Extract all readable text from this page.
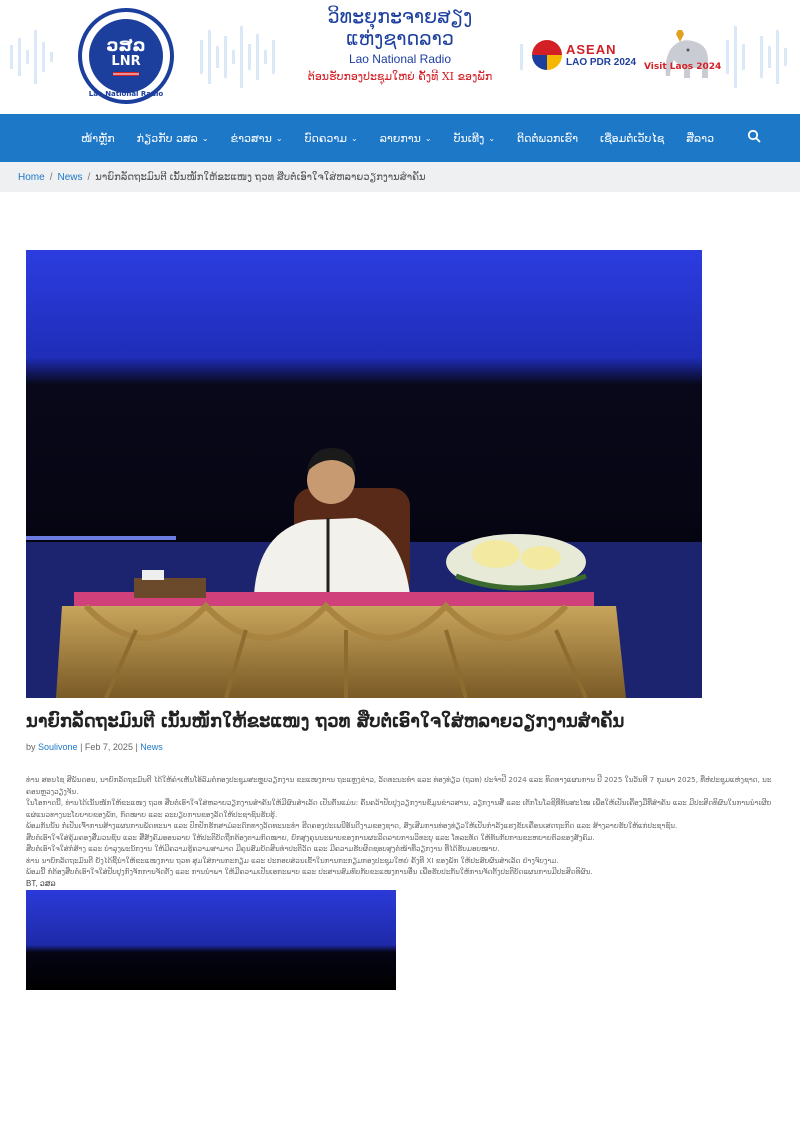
ວສລ
LNR
Lao National Radio
ວິທະຍຸກະຈາຍສຽງ ແຫ່ງຊາດລາວ
Lao National Radio
ຕ້ອນຮັບກອງປະຊຸມໃຫຍ່ ຄັ້ງທີ XI ຂອງພັກ
ASEAN
LAO PDR 2024 Visit Laos 2024
ໜ້າຫຼັກ ກ່ຽວກັບ ວສລ ⌄ ຂ່າວສານ ⌄ ບົດຄວາມ ⌄ ລາຍການ ⌄ ບັນເທີງ ⌄ ຕິດຕໍ່ພວກເຮົາ ເຊື່ອມຕໍ່ເວັບໄຊ ສື່ລາວ
Home / News / ນາຍົກລັດຖະມົນຕີ ເນັ້ນໜັກໃຫ້ຂະແໜງ ຖວທ ສືບຕໍ່ເອົາໃຈໃສ່ຫລາຍວຽກງານສຳຄັນ
ນາຍົກລັດຖະມົນຕີ ເນັ້ນໜັກໃຫ້ຂະແໜງ ຖວທ ສືບຕໍ່ເອົາໃຈໃສ່ຫລາຍວຽກງານສຳຄັນ
by Soulivone | Feb 7, 2025 | News

ທ່ານ ສອນໄຊ ສີພັນດອນ, ນາຍົກລັດຖະມົນຕີ ໄດ້ໃຫ້ຄຳເຫັນໂອ້ລົມຕໍ່ກອງປະຊຸມສະຫຼຸບວຽກງານ ຂະແໜງການ ຖະແຫຼງຂ່າວ, ວັດທະນະທຳ ແລະ ທ່ອງທ່ຽວ (ຖວທ) ປະຈຳປີ 2024 ແລະ ທິດທາງແຜນການ ປີ 2025 ໃນວັນທີ 7 ກຸມພາ 2025, ທີ່ຫໍປະຊຸມແຫ່ງຊາດ, ນະຄອນຫຼວງວຽງຈັນ.

ໃນໂອກາດນີ້, ທ່ານໄດ້ເນັ້ນໜັກໃຫ້ຂະແໜງ ຖວທ ສືບຕໍ່ເອົາໃຈໃສ່ຫລາຍວຽກງານສຳຄັນໃຫ້ມີຜົນສຳເລັດ ເປັນຕົ້ນແມ່ນ: ຄົ້ນຄວ້າປັບປຸງວຽກງານຂໍ້ມູນຂ່າວສານ, ວຽກງານສື່ ແລະ ເຕັກໂນໂລຊີທີ່ທັນສະໄໝ ເພື່ອໃຫ້ເປັນເຄື່ອງມືທີ່ສຳຄັນ ແລະ ມີປະສິດທິຜົນໃນການນຳເຜີຍແຜ່ແນວທາງນະໂຍບາຍຂອງພັກ, ກົດໝາຍ ແລະ ລະບຽບການຂອງລັດໃຫ້ປະຊາຊົນຮັບຮູ້.

ພ້ອມກັນນັ້ນ ກໍ່ເປັນເຈົ້າການສ້າງແຜນການພັດທະນາ ແລະ ປົກປັກຮັກສາມໍລະດົກທາງວັດທະນະທຳ ຮີດຄອງປະເພນີອັນດີງາມຂອງຊາດ, ສົ່ງເສີມການທ່ອງທ່ຽວໃຫ້ເປັນກຳລັງແຮງຂັບເຄື່ອນເສດຖະກິດ ແລະ ສ້າງລາຍຮັບໃຫ້ແກ່ປະຊາຊົນ.

ສືບຕໍ່ເອົາໃຈໃສ່ຄຸ້ມຄອງສື່ມວນຊົນ ແລະ ສື່ສັງຄົມອອນລາຍ ໃຫ້ປະຕິບັດຖືກຕ້ອງຕາມກົດໝາຍ, ຍົກສູງຄຸນນະພາບຂອງການຜະລິດລາຍການວິທະຍຸ ແລະ ໂທລະທັດ ໃຫ້ທັນກັບການຂະຫຍາຍຕົວຂອງສັງຄົມ.

ສືບຕໍ່ເອົາໃຈໃສ່ກໍ່ສ້າງ ແລະ ບຳລຸງພະນັກງານ ໃຫ້ມີຄວາມຮູ້ຄວາມສາມາດ ມີຄຸນສົມບັດສິນທຳປະຕິວັດ ແລະ ມີຄວາມຮັບຜິດຊອບສູງຕໍ່ໜ້າທີ່ວຽກງານ ທີ່ໄດ້ຮັບມອບໝາຍ.

ທ່ານ ນາຍົກລັດຖະມົນຕີ ຍັງໄດ້ຊີ້ນຳໃຫ້ຂະແໜງການ ຖວທ ສຸມໃສ່ການກະກຽມ ແລະ ປະກອບສ່ວນເຂົ້າໃນການກະກຽມກອງປະຊຸມໃຫຍ່ ຄັ້ງທີ XI ຂອງພັກ ໃຫ້ປະສົບຜົນສຳເລັດ ຢ່າງຈົບງາມ.

ພ້ອມນີ້ ກໍ່ຕ້ອງສືບຕໍ່ເອົາໃຈໃສ່ປັບປຸງກົງຈັກການຈັດຕັ້ງ ແລະ ການນຳພາ ໃຫ້ມີຄວາມເປັນເອກະພາບ ແລະ ປະສານສົມທົບກັບຂະແໜງການອື່ນ ເພື່ອຮັບປະກັນໃຫ້ການຈັດຕັ້ງປະຕິບັດແຜນການມີປະສິດທິຜົນ.

BT, ວສລ
